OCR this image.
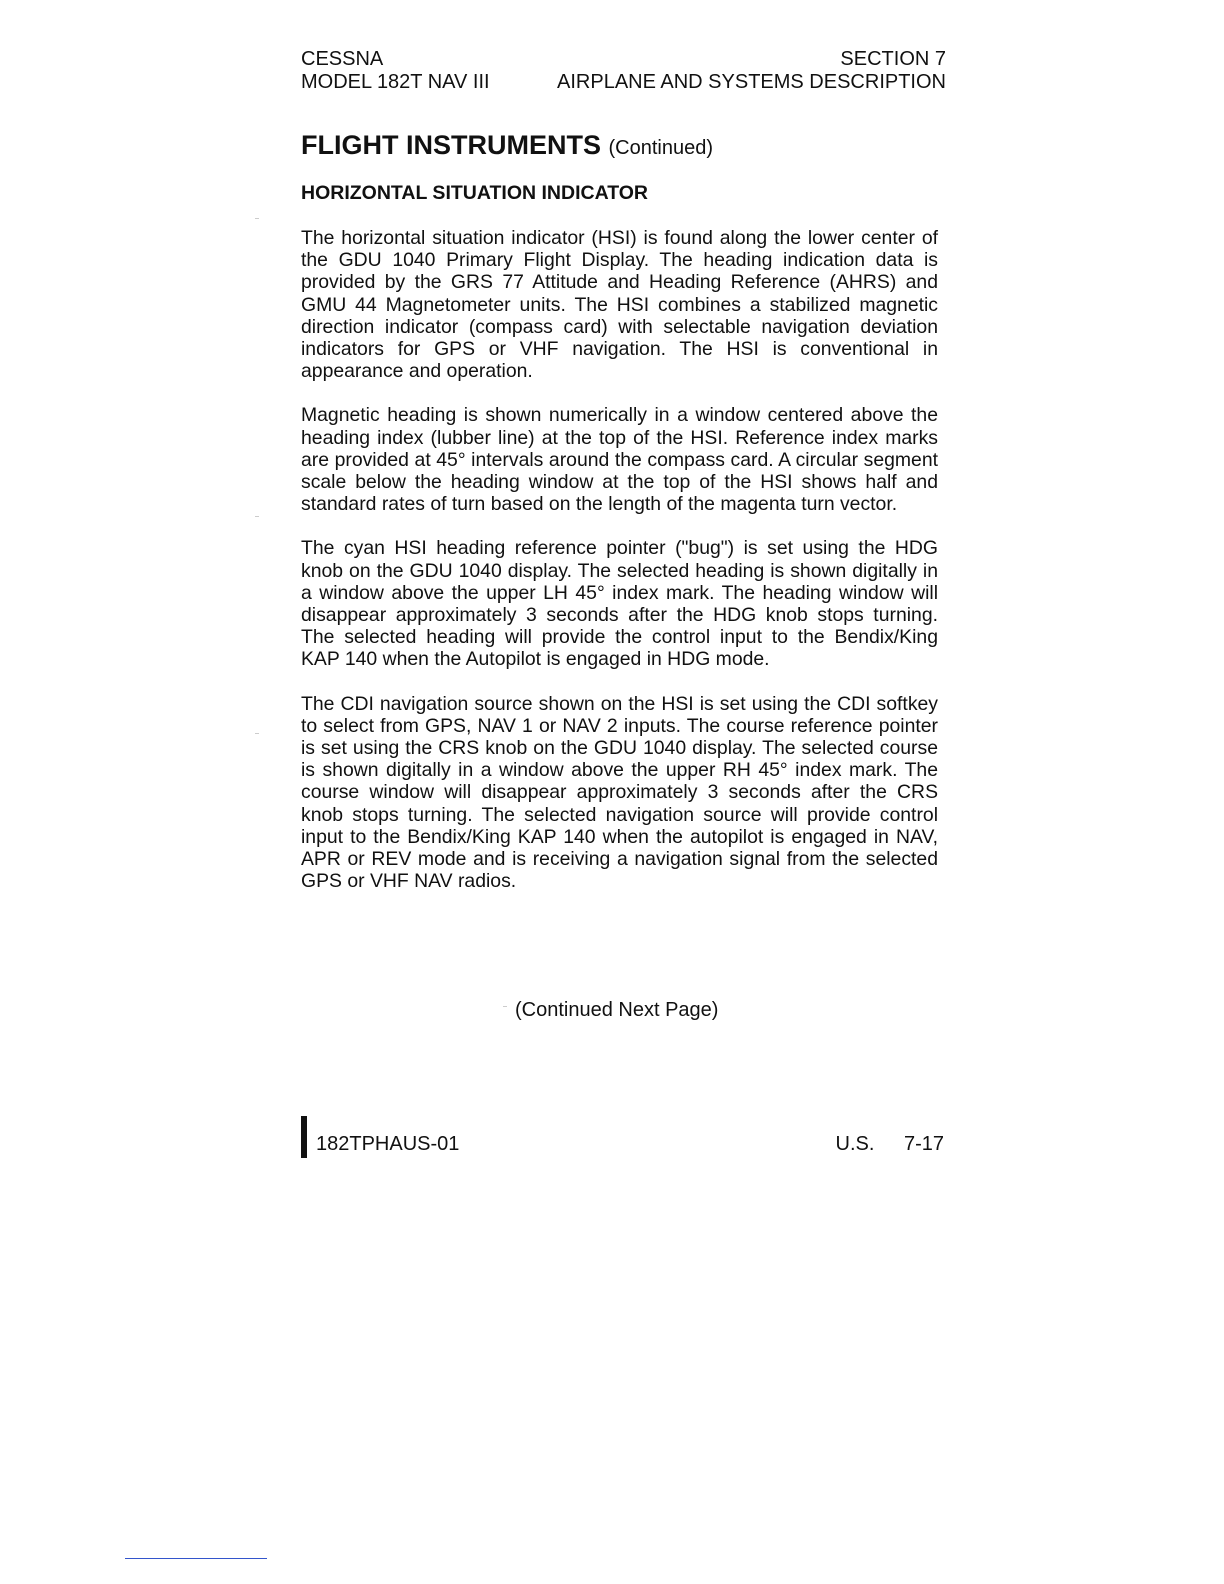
CESSNA	SECTION 7
MODEL 182T NAV III	AIRPLANE AND SYSTEMS DESCRIPTION
FLIGHT INSTRUMENTS (Continued)
HORIZONTAL SITUATION INDICATOR

The horizontal situation indicator (HSI) is found along the lower center of the GDU 1040 Primary Flight Display. The heading indication data is provided by the GRS 77 Attitude and Heading Reference (AHRS) and GMU 44 Magnetometer units. The HSI combines a stabilized magnetic direction indicator (compass card) with selectable navigation deviation indicators for GPS or VHF navigation. The HSI is conventional in appearance and operation.

Magnetic heading is shown numerically in a window centered above the heading index (lubber line) at the top of the HSI. Reference index marks are provided at 45° intervals around the compass card. A circular segment scale below the heading window at the top of the HSI shows half and standard rates of turn based on the length of the magenta turn vector.

The cyan HSI heading reference pointer ("bug") is set using the HDG knob on the GDU 1040 display. The selected heading is shown digitally in a window above the upper LH 45° index mark. The heading window will disappear approximately 3 seconds after the HDG knob stops turning. The selected heading will provide the control input to the Bendix/King KAP 140 when the Autopilot is engaged in HDG mode.

The CDI navigation source shown on the HSI is set using the CDI softkey to select from GPS, NAV 1 or NAV 2 inputs. The course reference pointer is set using the CRS knob on the GDU 1040 display. The selected course is shown digitally in a window above the upper RH 45° index mark. The course window will disappear approximately 3 seconds after the CRS knob stops turning. The selected navigation source will provide control input to the Bendix/King KAP 140 when the autopilot is engaged in NAV, APR or REV mode and is receiving a navigation signal from the selected GPS or VHF NAV radios.

(Continued Next Page)
182TPHAUS-01	U.S. 7-17
